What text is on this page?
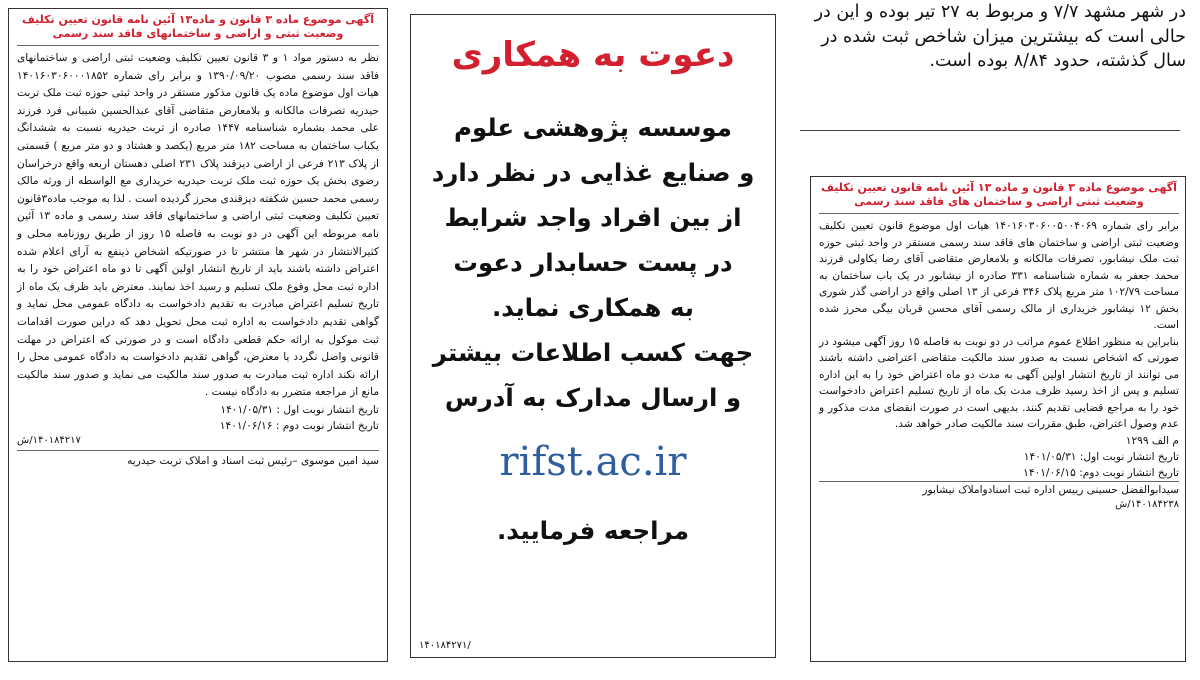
آگهی موضوع ماده ۳ قانون و ماده۱۳ آئین نامه قانون تعیین تکلیف وضعیت ثبتی و اراضی و ساختمانهای فاقد سند رسمی
نظر به دستور مواد ۱ و ۳ قانون تعیین تکلیف وضعیت ثبتی اراضی و ساختمانهای فاقد سند رسمی مصوب ۱۳۹۰/۰۹/۲۰ و برابر رای شماره ۱۴۰۱۶۰۳۰۶۰۰۰۱۸۵۲ هیات اول موضوع ماده یک قانون مذکور مستقر در واحد ثبتی حوزه ثبت ملک تربت حیدریه تصرفات مالکانه و بلامعارض متقاضی آقای عبدالحسین شیبانی فرد فرزند علی محمد بشماره شناسنامه ۱۴۴۷ صادره از تربت حیدریه نسبت به ششدانگ یکباب ساختمان به مساحت ۱۸۲ متر مربع (یکصد و هشتاد و دو متر مربع ) قسمتی از پلاک ۲۱۳ فرعی از اراضی دیزقند پلاک ۲۳۱ اصلی دهستان اربعه واقع درخراسان رضوی بخش یک حوزه ثبت ملک تربت حیدریه خریداری مع الواسطه از ورثه مالک رسمی محمد حسین شکفته دیزقندی محرز گردیده است . لذا به موجب ماده۳قانون تعیین تکلیف وضعیت ثبتی اراضی و ساختمانهای فاقد سند رسمی و ماده ۱۳ آئین نامه مربوطه این آگهی در دو نوبت به فاصله ۱۵ روز از طریق روزنامه محلی و کثیرالانتشار در شهر ها منتشر تا در صورتیکه اشخاص ذینفع به آرای اعلام شده اعتراض داشته باشند باید از تاریخ انتشار اولین آگهی تا دو ماه اعتراض خود را به اداره ثبت محل وقوع ملک تسلیم و رسید اخذ نمایند. معترض باید ظرف یک ماه از تاریخ تسلیم اعتراض مبادرت به تقدیم دادخواست به دادگاه عمومی محل نماید و گواهی تقدیم دادخواست به اداره ثبت محل تحویل دهد که دراین صورت اقدامات ثبت موکول به ارائه حکم قطعی دادگاه است و در صورتی که اعتراض در مهلت قانونی واصل نگردد یا معترض، گواهی تقدیم دادخواست به دادگاه عمومی محل را ارائه نکند اداره ثبت مبادرت به صدور سند مالکیت می نماید و صدور سند مالکیت مانع از مراجعه متضرر به دادگاه نیست .
تاریخ انتشار نوبت اول : ۱۴۰۱/۰۵/۳۱
تاریخ انتشار نوبت دوم : ۱۴۰۱/۰۶/۱۶
۱۴۰۱۸۴۲۱۷/ش
سید امین موسوی –رئیس ثبت اسناد و املاک تربت حیدریه
دعوت به همکاری
موسسه پژوهشی علوم
و صنایع غذایی در نظر دارد
از بین افراد واجد شرایط
در پست حسابدار دعوت
به همکاری نماید.
جهت کسب اطلاعات بیشتر
و ارسال مدارک به آدرس
rifst.ac.ir
مراجعه فرمایید.
۱۴۰۱۸۴۲۷۱/
در شهر مشهد ۷/۷ و مربوط به ۲۷ تیر بوده و این در
حالی است که بیشترین میزان شاخص ثبت شده در
سال گذشته، حدود ۸/۸۴ بوده است.
آگهی موضوع ماده ۳ قانون و ماده ۱۳ آئین نامه قانون تعیین تکلیف وضعیت ثبتی اراضی و ساختمان های فاقد سند رسمی
برابر رای شماره ۱۴۰۱۶۰۳۰۶۰۰۵۰۰۴۰۶۹ هیات اول موضوع قانون تعیین تکلیف وضعیت ثبتی اراضی و ساختمان های فاقد سند رسمی مستقر در واحد ثبتی حوزه ثبت ملک نیشابور، تصرفات مالکانه و بلامعارض متقاضی آقای رضا یکاولی فرزند محمد جعفر به شماره شناسنامه ۳۳۱ صادره از نیشابور در یک باب ساختمان به مساحت ۱۰۲/۷۹ متر مربع پلاک ۳۴۶ فرعی از ۱۳ اصلی واقع در اراضی گذر شوری بخش ۱۲ نیشابور خریداری از مالک رسمی آقای محسن قربان بیگی محرز شده است.
بنابراین به منظور اطلاع عموم مراتب در دو نوبت به فاصله ۱۵ روز آگهی میشود در صورتی که اشخاص نسبت به صدور سند مالکیت متقاضی اعتراضی داشته باشند می توانند از تاریخ انتشار اولین آگهی به مدت دو ماه اعتراض خود را به این اداره تسلیم و پس از اخذ رسید ظرف مدت یک ماه از تاریخ تسلیم اعتراض دادخواست خود را به مراجع قضایی تقدیم کنند. بدیهی است در صورت انقضای مدت مذکور و عدم وصول اعتراض، طبق مقررات سند مالکیت صادر خواهد شد.
م الف ۱۲۹۹
تاریخ انتشار نوبت اول: ۱۴۰۱/۰۵/۳۱
تاریخ انتشار نوبت دوم: ۱۴۰۱/۰۶/۱۵
سیدابوالفضل حسینی رییس اداره ثبت اسنادواملاک نیشابور
۱۴۰۱۸۴۲۳۸/ش
